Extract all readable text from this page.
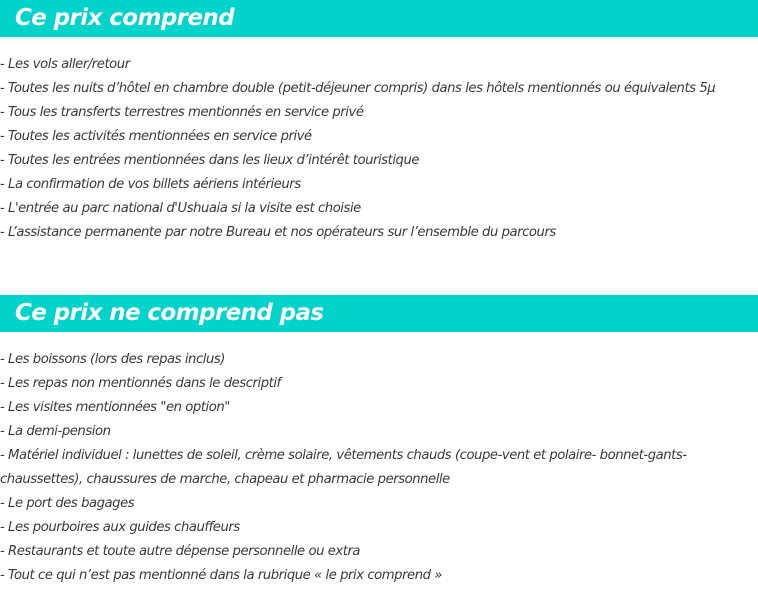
Ce prix comprend
- Les vols aller/retour
- Toutes les nuits d’hôtel en chambre double (petit-déjeuner compris) dans les hôtels mentionnés ou équivalents 5µ
- Tous les transferts terrestres mentionnés en service privé
- Toutes les activités mentionnées en service privé
- Toutes les entrées mentionnées dans les lieux d’intérêt touristique
- La confirmation de vos billets aériens intérieurs
- L'entrée au parc national d'Ushuaia si la visite est choisie
- L’assistance permanente par notre Bureau et nos opérateurs sur l’ensemble du parcours
Ce prix ne comprend pas
- Les boissons (lors des repas inclus)
- Les repas non mentionnés dans le descriptif
- Les visites mentionnées "en option"
- La demi-pension
- Matériel individuel : lunettes de soleil, crème solaire, vêtements chauds (coupe-vent et polaire- bonnet-gants-chaussettes), chaussures de marche, chapeau et pharmacie personnelle
- Le port des bagages
- Les pourboires aux guides chauffeurs
- Restaurants et toute autre dépense personnelle ou extra
- Tout ce qui n’est pas mentionné dans la rubrique « le prix comprend »
